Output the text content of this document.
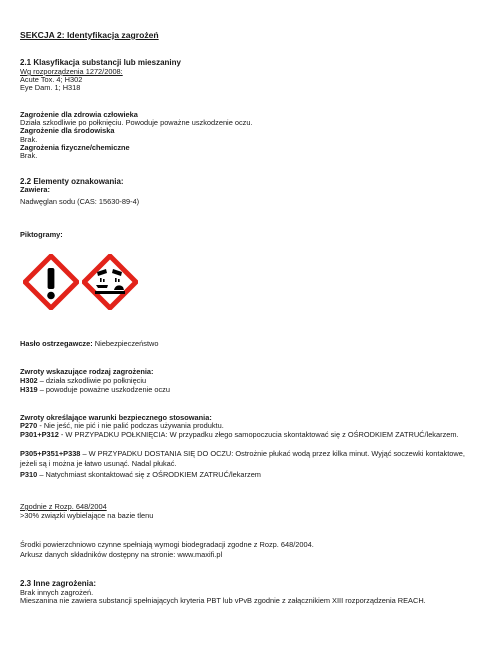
SEKCJA 2: Identyfikacja zagrożeń
2.1 Klasyfikacja substancji lub mieszaniny
Wg rozporządzenia 1272/2008:
Acute Tox. 4; H302
Eye Dam. 1; H318
Zagrożenie dla zdrowia człowieka
Działa szkodliwie po połknięciu. Powoduje poważne uszkodzenie oczu.
Zagrożenie dla środowiska
Brak.
Zagrożenia fizyczne/chemiczne
Brak.
2.2 Elementy oznakowania:
Zawiera:
Nadwęglan sodu (CAS: 15630-89-4)
Piktogramy:
Hasło ostrzegawcze: Niebezpieczeństwo
Zwroty wskazujące rodzaj zagrożenia:
H302 – działa szkodliwie po połknięciu
H319 – powoduje poważne uszkodzenie oczu
Zwroty określające warunki bezpiecznego stosowania:
P270 - Nie jeść, nie pić i nie palić podczas używania produktu.
P301+P312 - W PRZYPADKU POŁKNIĘCIA: W przypadku złego samopoczucia skontaktować się z OŚRODKIEM ZATRUĆ/lekarzem.
P305+P351+P338 – W PRZYPADKU DOSTANIA SIĘ DO OCZU: Ostrożnie płukać wodą przez kilka minut. Wyjąć soczewki kontaktowe, jeżeli są i można je łatwo usunąć. Nadal płukać.
P310 – Natychmiast skontaktować się z OŚRODKIEM ZATRUĆ/lekarzem
Zgodnie z Rozp. 648/2004
>30% związki wybielające na bazie tlenu
Środki powierzchniowo czynne spełniają wymogi biodegradacji zgodne z Rozp. 648/2004.
Arkusz danych składników dostępny na stronie: www.maxifi.pl
2.3 Inne zagrożenia:
Brak innych zagrożeń.
Mieszanina nie zawiera substancji spełniających kryteria PBT lub vPvB zgodnie z załącznikiem XIII rozporządzenia REACH.
